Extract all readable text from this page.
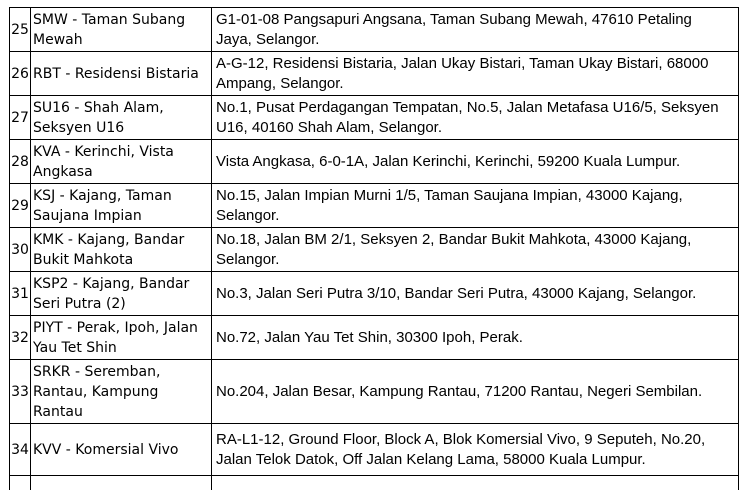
25	SMW - Taman Subang
Mewah	G1-01-08 Pangsapuri Angsana, Taman Subang Mewah, 47610 Petaling
Jaya, Selangor.

26	RBT - Residensi Bistaria	A-G-12, Residensi Bistaria, Jalan Ukay Bistari, Taman Ukay Bistari, 68000
Ampang, Selangor.

27	SU16 - Shah Alam,
Seksyen U16	No.1, Pusat Perdagangan Tempatan, No.5, Jalan Metafasa U16/5, Seksyen
U16, 40160 Shah Alam, Selangor.

28	KVA - Kerinchi, Vista
Angkasa	Vista Angkasa, 6-0-1A, Jalan Kerinchi, Kerinchi, 59200 Kuala Lumpur.

29	KSJ - Kajang, Taman
Saujana Impian	No.15, Jalan Impian Murni 1/5, Taman Saujana Impian, 43000 Kajang,
Selangor.

30	KMK - Kajang, Bandar
Bukit Mahkota	No.18, Jalan BM 2/1, Seksyen 2, Bandar Bukit Mahkota, 43000 Kajang,
Selangor.

31	KSP2 - Kajang, Bandar
Seri Putra (2)	No.3, Jalan Seri Putra 3/10, Bandar Seri Putra, 43000 Kajang, Selangor.

32	PIYT - Perak, Ipoh, Jalan
Yau Tet Shin	No.72, Jalan Yau Tet Shin, 30300 Ipoh, Perak.

33	SRKR - Seremban,
Rantau, Kampung Rantau	No.204, Jalan Besar, Kampung Rantau, 71200 Rantau, Negeri Sembilan.

34	KVV - Komersial Vivo	RA-L1-12, Ground Floor, Block A, Blok Komersial Vivo, 9 Seputeh, No.20,
Jalan Telok Datok, Off Jalan Kelang Lama, 58000 Kuala Lumpur.
